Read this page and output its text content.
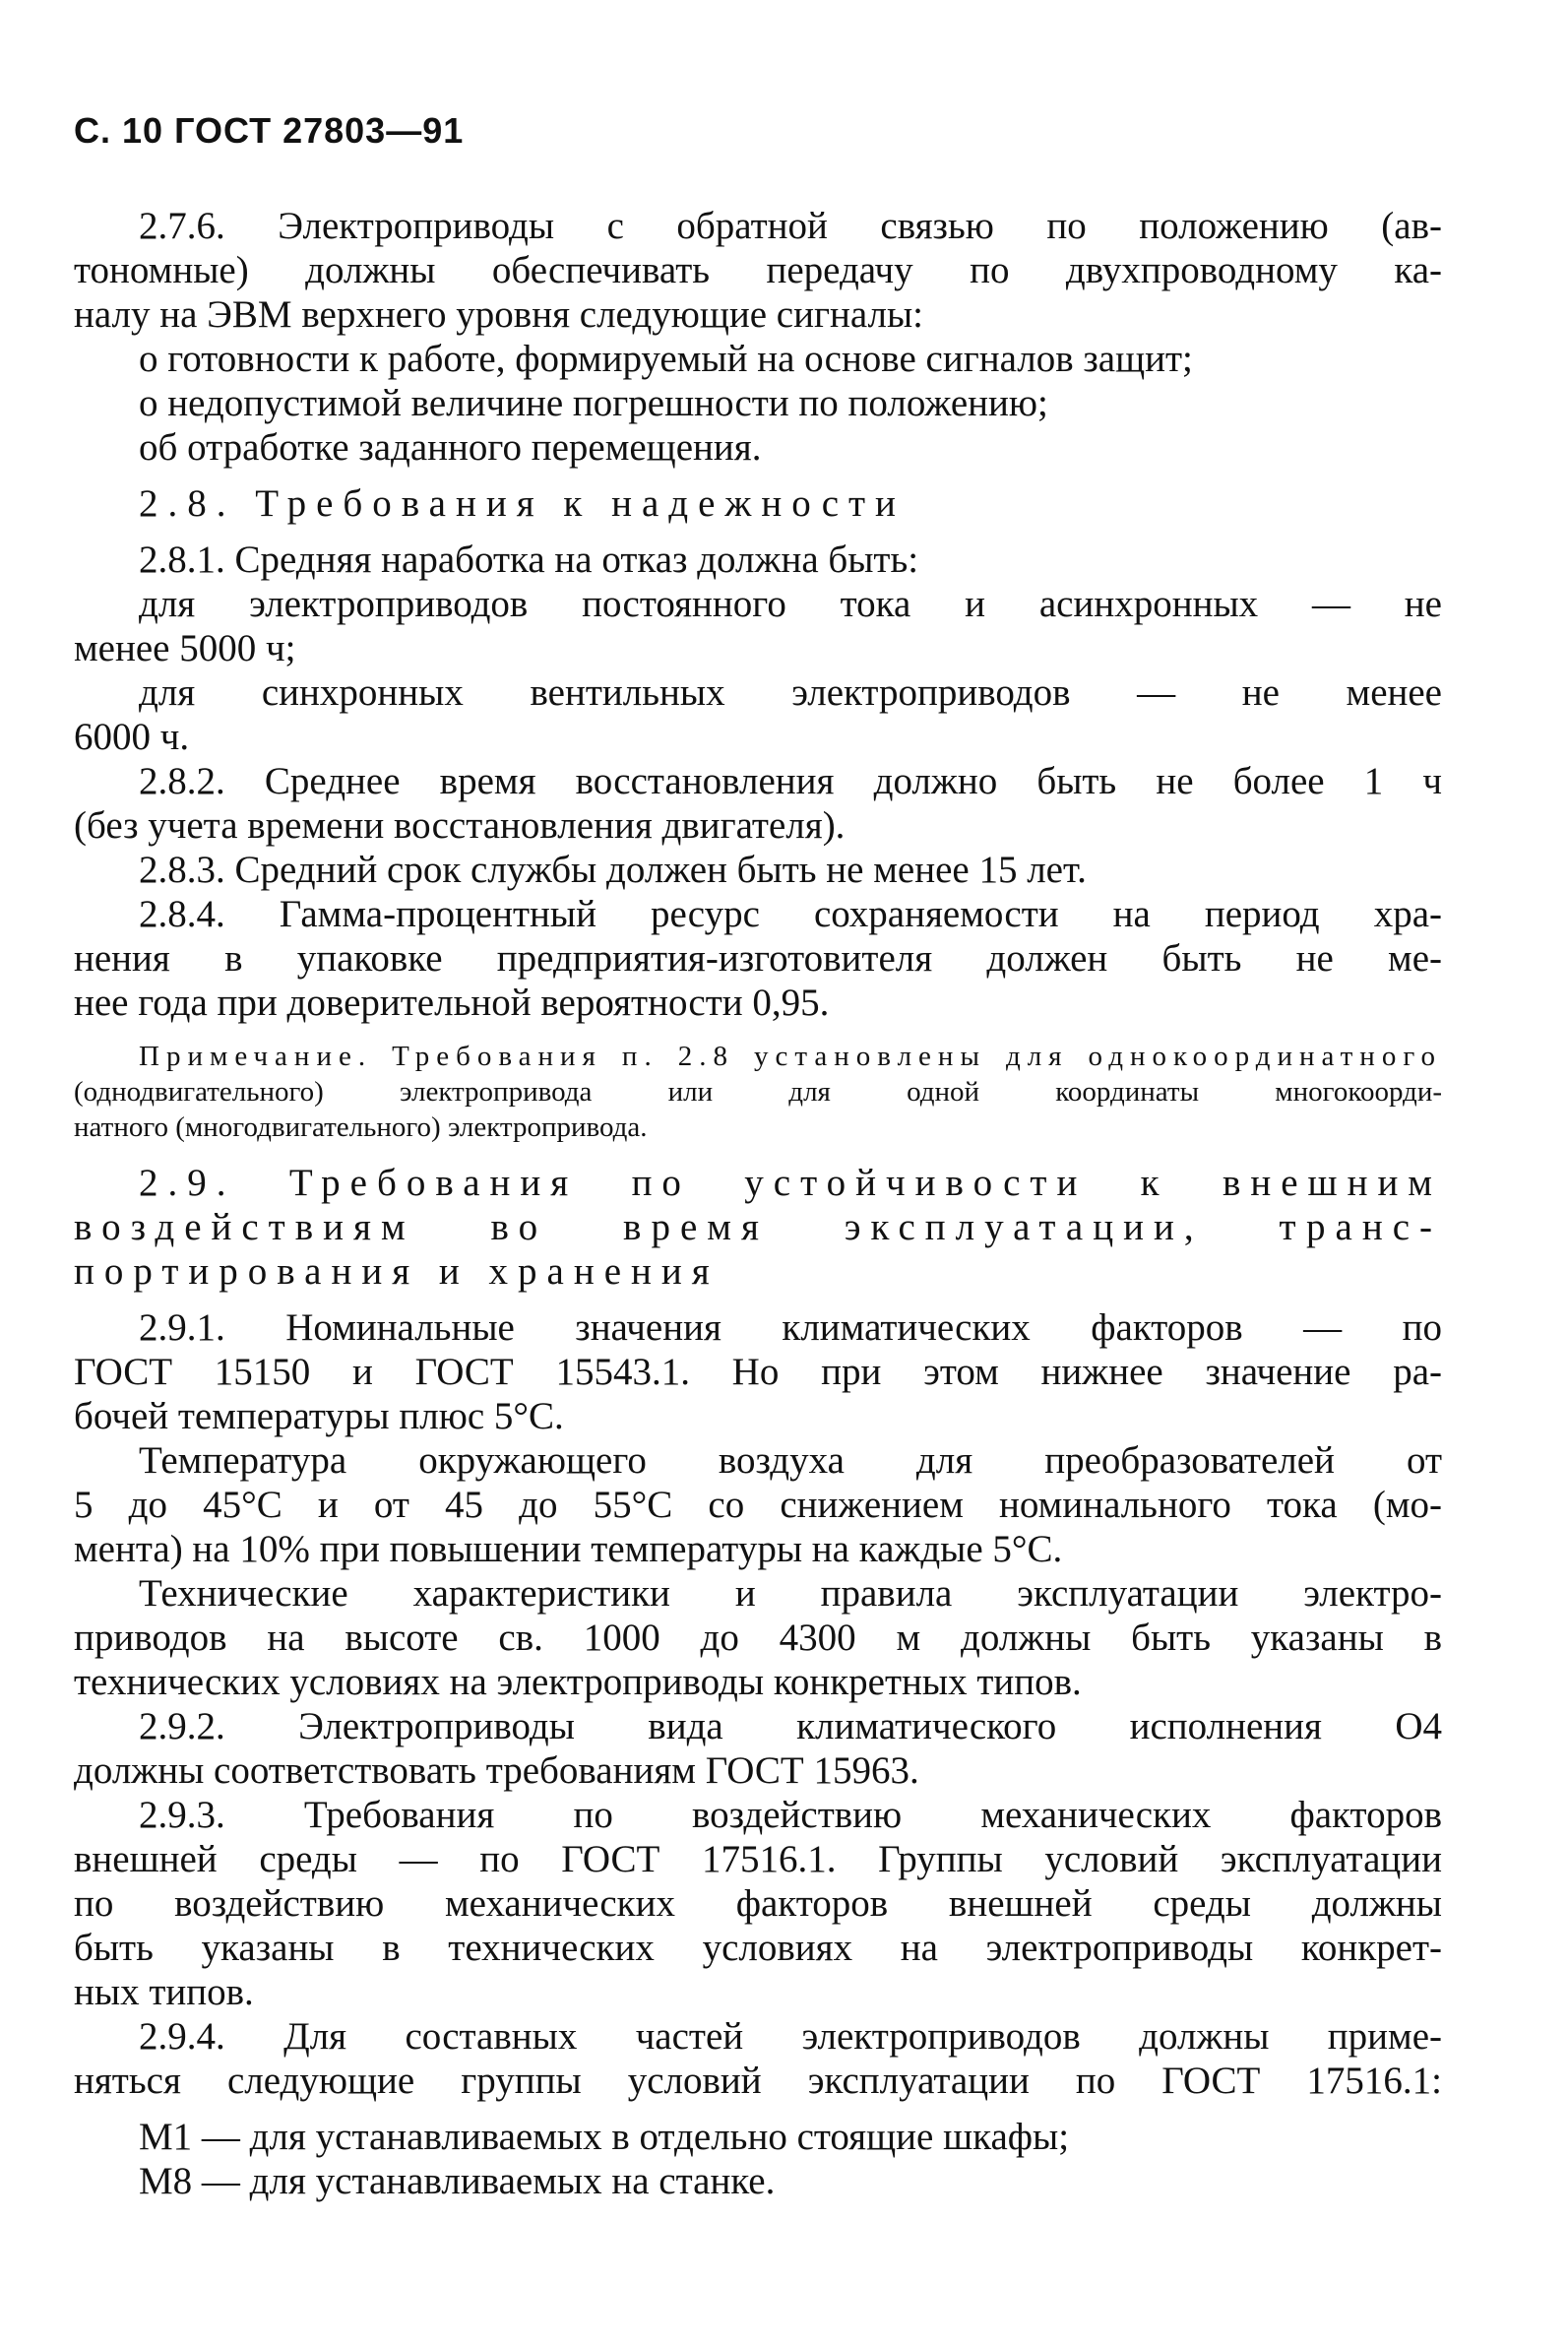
С. 10 ГОСТ 27803—91
2.7.6. Электроприводы с обратной связью по положению (ав-
тономные) должны обеспечивать передачу по двухпроводному ка-
налу на ЭВМ верхнего уровня следующие сигналы:
о готовности к работе, формируемый на основе сигналов защит;
о недопустимой величине погрешности по положению;
об отработке заданного перемещения.
2.8. Требования к надежности
2.8.1. Средняя наработка на отказ должна быть:
для электроприводов постоянного тока и асинхронных — не
менее 5000 ч;
для синхронных вентильных электроприводов — не менее
6000 ч.
2.8.2. Среднее время восстановления должно быть не более 1 ч
(без учета времени восстановления двигателя).
2.8.3. Средний срок службы должен быть не менее 15 лет.
2.8.4. Гамма-процентный ресурс сохраняемости на период хра-
нения в упаковке предприятия-изготовителя должен быть не ме-
нее года при доверительной вероятности 0,95.
Примечание. Требования п. 2.8 установлены для однокоординатного
(однодвигательного) электропривода или для одной координаты многокоорди-
натного (многодвигательного) электропривода.
2.9. Требования по устойчивости к внешним
воздействиям во время эксплуатации, транс-
портирования и хранения
2.9.1. Номинальные значения климатических факторов — по
ГОСТ 15150 и ГОСТ 15543.1. Но при этом нижнее значение ра-
бочей температуры плюс 5°С.
Температура окружающего воздуха для преобразователей от
5 до 45°С и от 45 до 55°С со снижением номинального тока (мо-
мента) на 10% при повышении температуры на каждые 5°С.
Технические характеристики и правила эксплуатации электро-
приводов на высоте св. 1000 до 4300 м должны быть указаны в
технических условиях на электроприводы конкретных типов.
2.9.2. Электроприводы вида климатического исполнения О4
должны соответствовать требованиям ГОСТ 15963.
2.9.3. Требования по воздействию механических факторов
внешней среды — по ГОСТ 17516.1. Группы условий эксплуатации
по воздействию механических факторов внешней среды должны
быть указаны в технических условиях на электроприводы конкрет-
ных типов.
2.9.4. Для составных частей электроприводов должны приме-
няться следующие группы условий эксплуатации по ГОСТ 17516.1:
М1 — для устанавливаемых в отдельно стоящие шкафы;
М8 — для устанавливаемых на станке.
